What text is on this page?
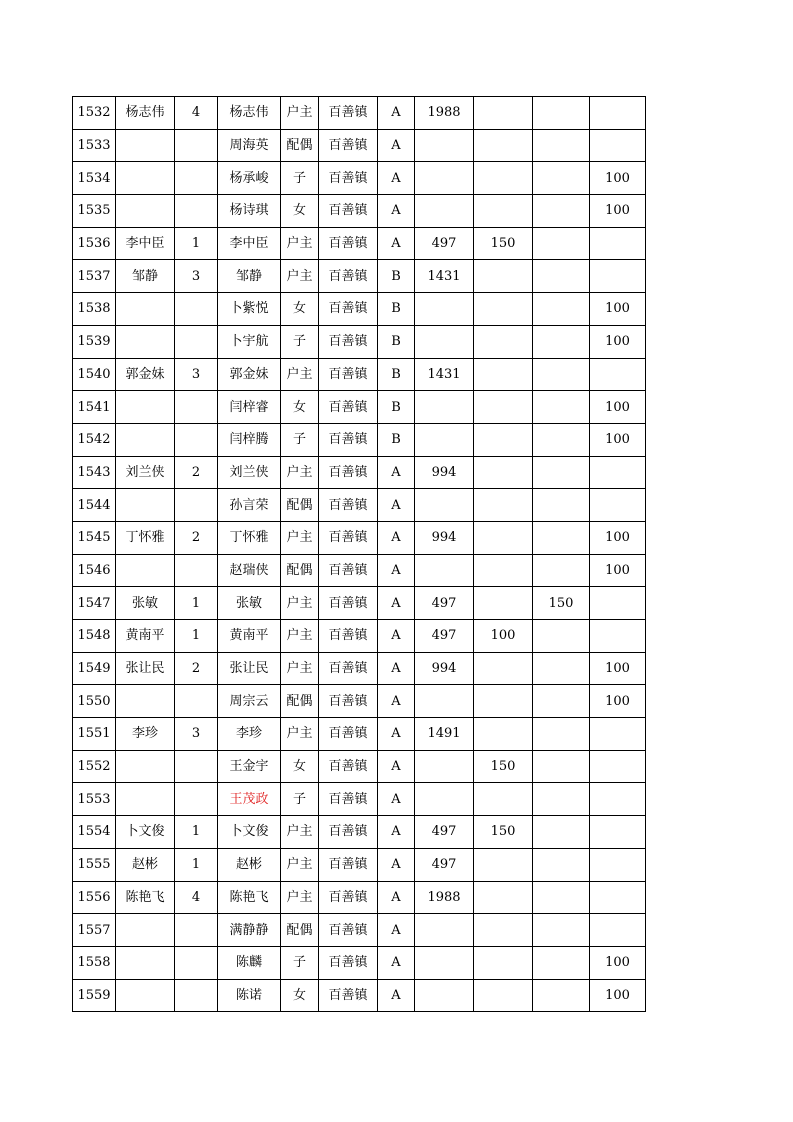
1532	杨志伟	4	杨志伟	户主	百善镇	A	1988			
1533			周海英	配偶	百善镇	A				
1534			杨承峻	子	百善镇	A				100
1535			杨诗琪	女	百善镇	A				100
1536	李中臣	1	李中臣	户主	百善镇	A	497	150		
1537	邹静	3	邹静	户主	百善镇	B	1431			
1538			卜紫悦	女	百善镇	B				100
1539			卜宇航	子	百善镇	B				100
1540	郭金妹	3	郭金妹	户主	百善镇	B	1431			
1541			闫梓睿	女	百善镇	B				100
1542			闫梓腾	子	百善镇	B				100
1543	刘兰侠	2	刘兰侠	户主	百善镇	A	994			
1544			孙言荣	配偶	百善镇	A				
1545	丁怀雅	2	丁怀雅	户主	百善镇	A	994			100
1546			赵瑞侠	配偶	百善镇	A				100
1547	张敏	1	张敏	户主	百善镇	A	497		150	
1548	黄南平	1	黄南平	户主	百善镇	A	497	100		
1549	张让民	2	张让民	户主	百善镇	A	994			100
1550			周宗云	配偶	百善镇	A				100
1551	李珍	3	李珍	户主	百善镇	A	1491			
1552			王金宇	女	百善镇	A		150		
1553			王茂政	子	百善镇	A				
1554	卜文俊	1	卜文俊	户主	百善镇	A	497	150		
1555	赵彬	1	赵彬	户主	百善镇	A	497			
1556	陈艳飞	4	陈艳飞	户主	百善镇	A	1988			
1557			满静静	配偶	百善镇	A				
1558			陈麟	子	百善镇	A				100
1559			陈诺	女	百善镇	A				100
